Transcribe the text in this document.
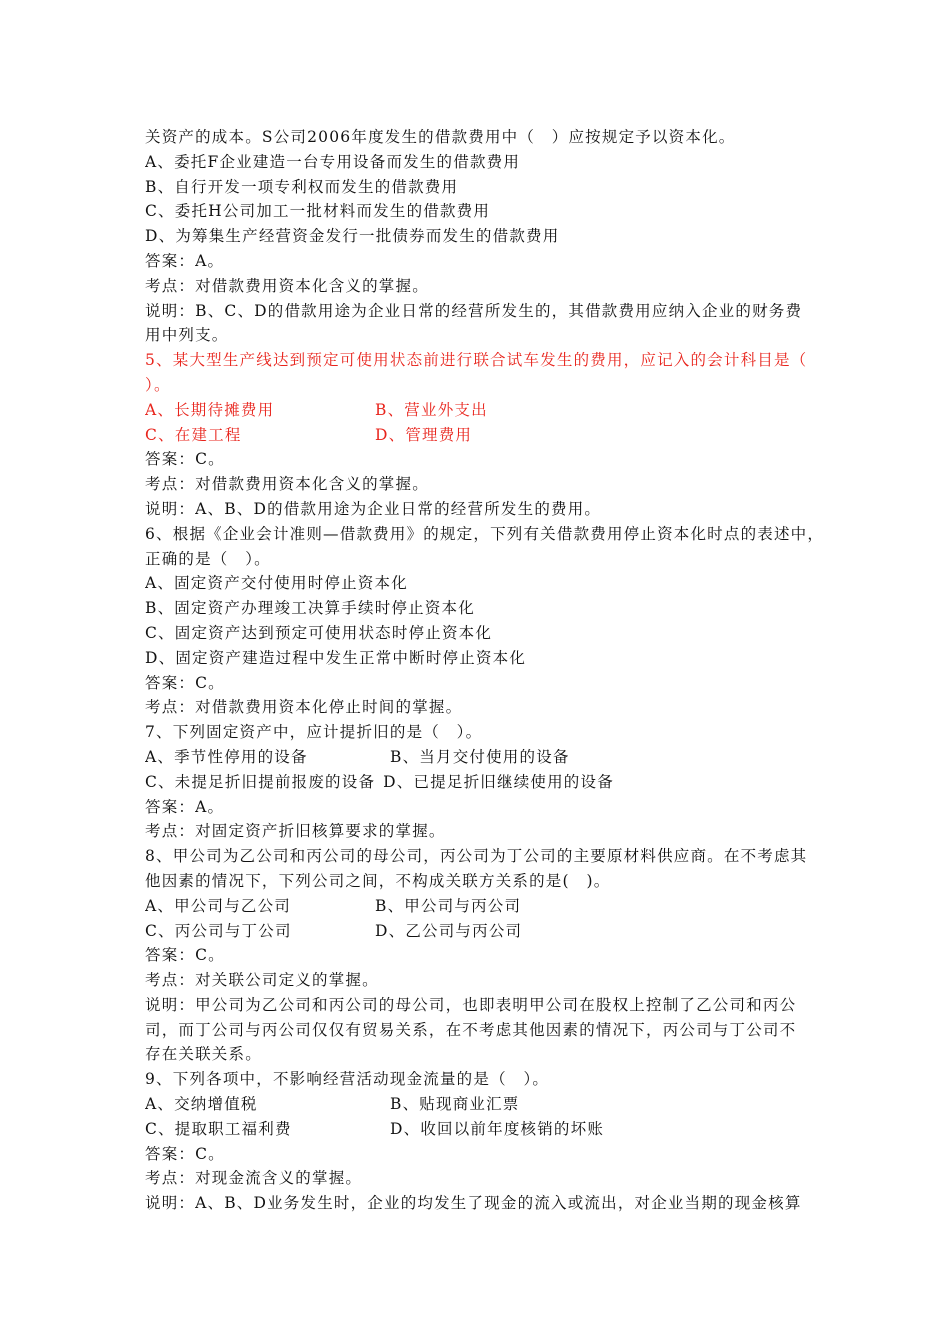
关资产的成本。S公司2006年度发生的借款费用中（　）应按规定予以资本化。
A、委托F企业建造一台专用设备而发生的借款费用
B、自行开发一项专利权而发生的借款费用
C、委托H公司加工一批材料而发生的借款费用
D、为筹集生产经营资金发行一批债券而发生的借款费用
答案：A。
考点：对借款费用资本化含义的掌握。
说明：B、C、D的借款用途为企业日常的经营所发生的，其借款费用应纳入企业的财务费
用中列支。
5、某大型生产线达到预定可使用状态前进行联合试车发生的费用，应记入的会计科目是（
）。
A、长期待摊费用	B、营业外支出
C、在建工程	D、管理费用
答案：C。
考点：对借款费用资本化含义的掌握。
说明：A、B、D的借款用途为企业日常的经营所发生的费用。
6、根据《企业会计准则—借款费用》的规定，下列有关借款费用停止资本化时点的表述中，
正确的是（　）。
A、固定资产交付使用时停止资本化
B、固定资产办理竣工决算手续时停止资本化
C、固定资产达到预定可使用状态时停止资本化
D、固定资产建造过程中发生正常中断时停止资本化
答案：C。
考点：对借款费用资本化停止时间的掌握。
7、下列固定资产中，应计提折旧的是（　）。
A、季节性停用的设备	B、当月交付使用的设备
C、未提足折旧提前报废的设备 D、已提足折旧继续使用的设备
答案：A。
考点：对固定资产折旧核算要求的掌握。
8、甲公司为乙公司和丙公司的母公司，丙公司为丁公司的主要原材料供应商。在不考虑其
他因素的情况下，下列公司之间，不构成关联方关系的是(　)。
A、甲公司与乙公司	B、甲公司与丙公司
C、丙公司与丁公司	D、乙公司与丙公司
答案：C。
考点：对关联公司定义的掌握。
说明：甲公司为乙公司和丙公司的母公司，也即表明甲公司在股权上控制了乙公司和丙公
司，而丁公司与丙公司仅仅有贸易关系，在不考虑其他因素的情况下，丙公司与丁公司不
存在关联关系。
9、下列各项中，不影响经营活动现金流量的是（　）。
A、交纳增值税	B、贴现商业汇票
C、提取职工福利费	D、收回以前年度核销的坏账
答案：C。
考点：对现金流含义的掌握。
说明：A、B、D业务发生时，企业的均发生了现金的流入或流出，对企业当期的现金核算
